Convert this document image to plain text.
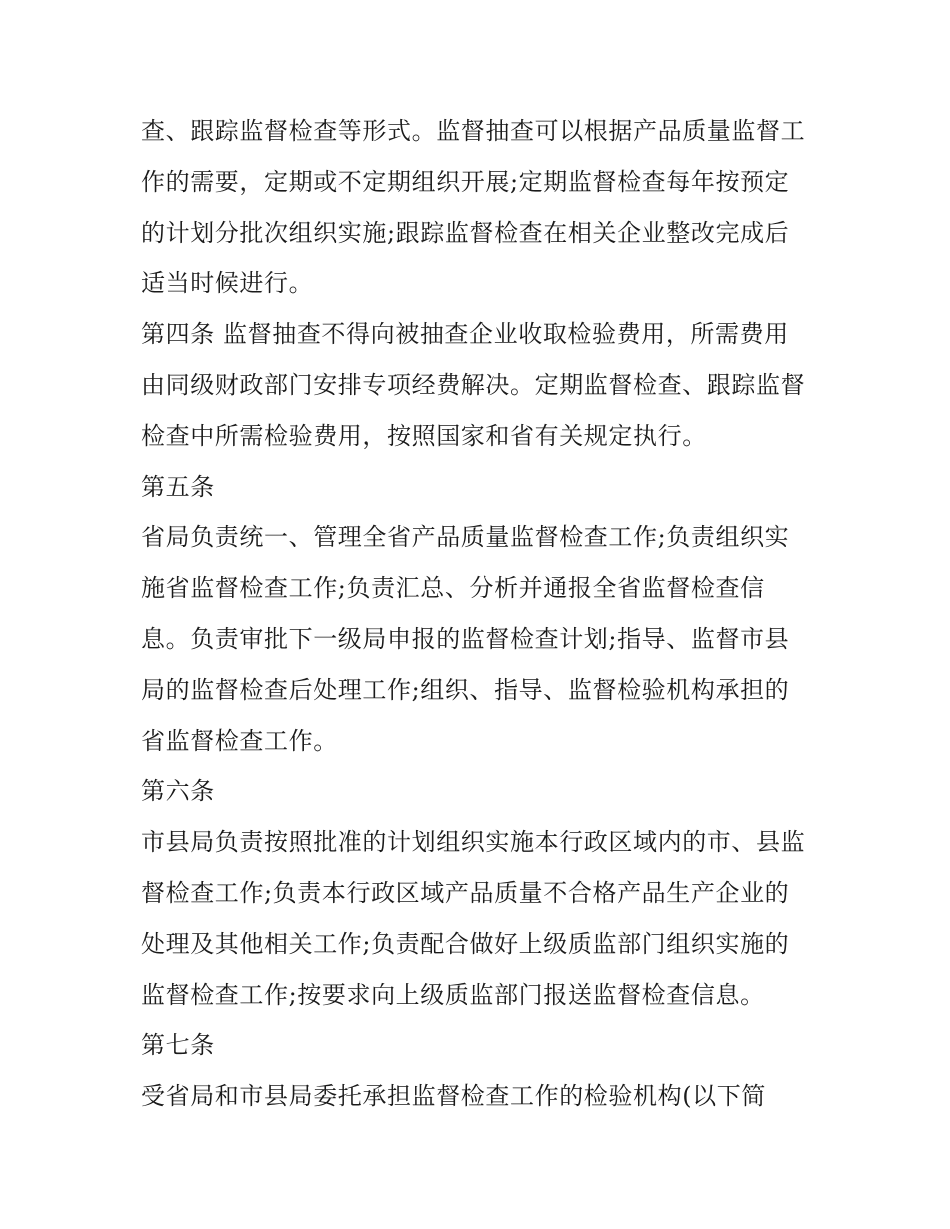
查、跟踪监督检查等形式。监督抽查可以根据产品质量监督工
作的需要，定期或不定期组织开展;定期监督检查每年按预定
的计划分批次组织实施;跟踪监督检查在相关企业整改完成后
适当时候进行。
第四条 监督抽查不得向被抽查企业收取检验费用，所需费用
由同级财政部门安排专项经费解决。定期监督检查、跟踪监督
检查中所需检验费用，按照国家和省有关规定执行。
第五条
省局负责统一、管理全省产品质量监督检查工作;负责组织实
施省监督检查工作;负责汇总、分析并通报全省监督检查信
息。负责审批下一级局申报的监督检查计划;指导、监督市县
局的监督检查后处理工作;组织、指导、监督检验机构承担的
省监督检查工作。
第六条
市县局负责按照批准的计划组织实施本行政区域内的市、县监
督检查工作;负责本行政区域产品质量不合格产品生产企业的
处理及其他相关工作;负责配合做好上级质监部门组织实施的
监督检查工作;按要求向上级质监部门报送监督检查信息。
第七条
受省局和市县局委托承担监督检查工作的检验机构(以下简
